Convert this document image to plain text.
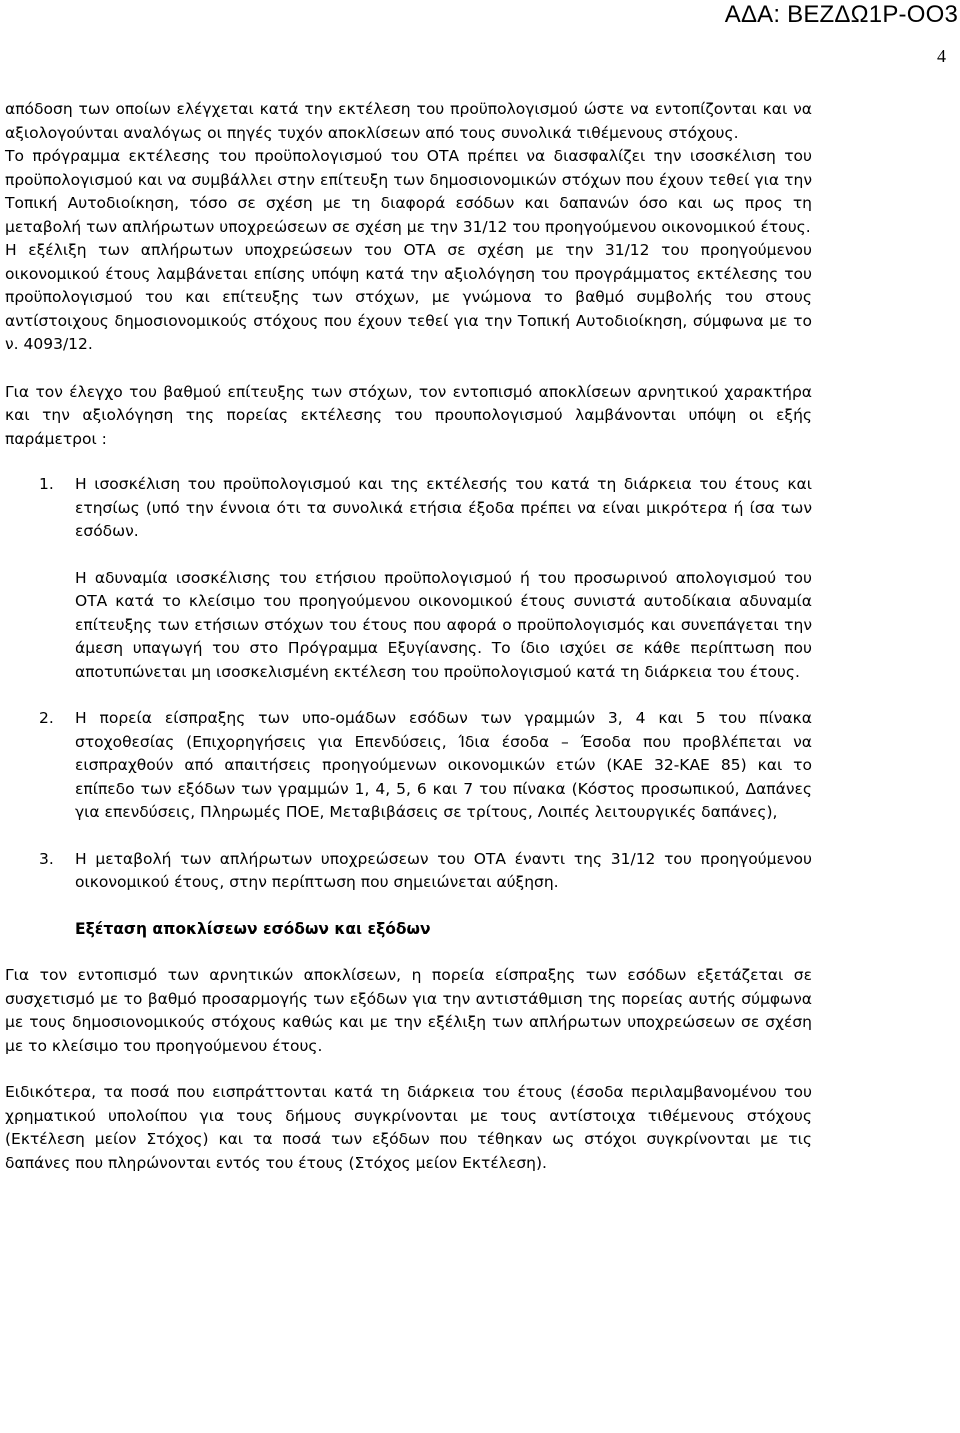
ΑΔΑ: ΒΕΖΔΩ1Ρ-ΟΟ3
4

απόδοση των οποίων ελέγχεται κατά την εκτέλεση του προϋπολογισμού ώστε να εντοπίζονται και να αξιολογούνται αναλόγως οι πηγές τυχόν αποκλίσεων από τους συνολικά τιθέμενους στόχους.

Το πρόγραμμα εκτέλεσης του προϋπολογισμού του ΟΤΑ πρέπει να διασφαλίζει την ισοσκέλιση του προϋπολογισμού και να συμβάλλει στην επίτευξη των δημοσιονομικών στόχων που έχουν τεθεί για την Τοπική Αυτοδιοίκηση, τόσο σε σχέση με τη διαφορά εσόδων και δαπανών όσο και ως προς τη μεταβολή των απλήρωτων υποχρεώσεων σε σχέση με την 31/12 του προηγούμενου οικονομικού έτους.

Η εξέλιξη των απλήρωτων υποχρεώσεων του ΟΤΑ σε σχέση με την 31/12 του προηγούμενου οικονομικού έτους λαμβάνεται επίσης υπόψη κατά την αξιολόγηση του προγράμματος εκτέλεσης του προϋπολογισμού του και επίτευξης των στόχων, με γνώμονα το βαθμό συμβολής του στους αντίστοιχους δημοσιονομικούς στόχους που έχουν τεθεί για την Τοπική Αυτοδιοίκηση, σύμφωνα με το ν. 4093/12.

Για τον έλεγχο του βαθμού επίτευξης των στόχων, τον εντοπισμό αποκλίσεων αρνητικού χαρακτήρα και την αξιολόγηση της πορείας εκτέλεσης του προυπολογισμού λαμβάνονται υπόψη οι εξής παράμετροι :

1. Η ισοσκέλιση του προϋπολογισμού και της εκτέλεσής του κατά τη διάρκεια του έτους και ετησίως (υπό την έννοια ότι τα συνολικά ετήσια έξοδα πρέπει να είναι μικρότερα ή ίσα των εσόδων.

Η αδυναμία ισοσκέλισης του ετήσιου προϋπολογισμού ή του προσωρινού απολογισμού του ΟΤΑ κατά το κλείσιμο του προηγούμενου οικονομικού έτους συνιστά αυτοδίκαια αδυναμία επίτευξης των ετήσιων στόχων του έτους που αφορά ο προϋπολογισμός και συνεπάγεται την άμεση υπαγωγή του στο Πρόγραμμα Εξυγίανσης. Το ίδιο ισχύει σε κάθε περίπτωση που αποτυπώνεται μη ισοσκελισμένη εκτέλεση του προϋπολογισμού κατά τη διάρκεια του έτους.

2. Η πορεία είσπραξης των υπο-ομάδων εσόδων των γραμμών 3, 4 και 5 του πίνακα στοχοθεσίας (Επιχορηγήσεις για Επενδύσεις, Ίδια έσοδα – Έσοδα που προβλέπεται να εισπραχθούν από απαιτήσεις προηγούμενων οικονομικών ετών (ΚΑΕ 32-ΚΑΕ 85) και το επίπεδο των εξόδων των γραμμών 1, 4, 5, 6 και 7 του πίνακα (Κόστος προσωπικού, Δαπάνες για επενδύσεις, Πληρωμές ΠΟΕ, Μεταβιβάσεις σε τρίτους, Λοιπές λειτουργικές δαπάνες),

3. Η μεταβολή των απλήρωτων υποχρεώσεων του ΟΤΑ έναντι της 31/12 του προηγούμενου οικονομικού έτους, στην περίπτωση που σημειώνεται αύξηση.

Εξέταση αποκλίσεων εσόδων και εξόδων

Για τον εντοπισμό των αρνητικών αποκλίσεων, η πορεία είσπραξης των εσόδων εξετάζεται σε συσχετισμό με το βαθμό προσαρμογής των εξόδων για την αντιστάθμιση της πορείας αυτής σύμφωνα με τους δημοσιονομικούς στόχους καθώς και με την εξέλιξη των απλήρωτων υποχρεώσεων σε σχέση με το κλείσιμο του προηγούμενου έτους.

Ειδικότερα, τα ποσά που εισπράττονται κατά τη διάρκεια του έτους (έσοδα περιλαμβανομένου του χρηματικού υπολοίπου για τους δήμους συγκρίνονται με τους αντίστοιχα τιθέμενους στόχους (Εκτέλεση μείον Στόχος) και τα ποσά των εξόδων που τέθηκαν ως στόχοι συγκρίνονται με τις δαπάνες που πληρώνονται εντός του έτους (Στόχος μείον Εκτέλεση).
